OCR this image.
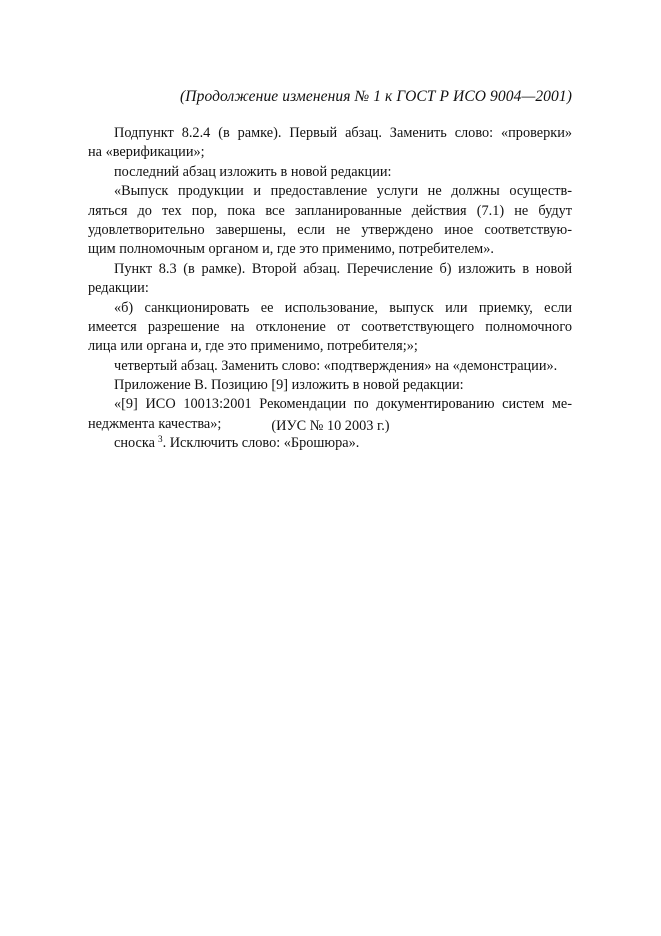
(Продолжение изменения № 1 к ГОСТ Р ИСО 9004—2001)
Подпункт 8.2.4 (в рамке). Первый абзац. Заменить слово: «проверки»
на «верификации»;
последний абзац изложить в новой редакции:
«Выпуск продукции и предоставление услуги не должны осуществ-
ляться до тех пор, пока все запланированные действия (7.1) не будут
удовлетворительно завершены, если не утверждено иное соответствую-
щим полномочным органом и, где это применимо, потребителем».
Пункт 8.3 (в рамке). Второй абзац. Перечисление б) изложить в новой
редакции:
«б) санкционировать ее использование, выпуск или приемку, если
имеется разрешение на отклонение от соответствующего полномочного
лица или органа и, где это применимо, потребителя;»;
четвертый абзац. Заменить слово: «подтверждения» на «демонстрации».
Приложение В. Позицию [9] изложить в новой редакции:
«[9] ИСО 10013:2001 Рекомендации по документированию систем ме-
неджмента качества»;
сноска  $^3$. Исключить слово: «Брошюра».
(ИУС № 10 2003 г.)
